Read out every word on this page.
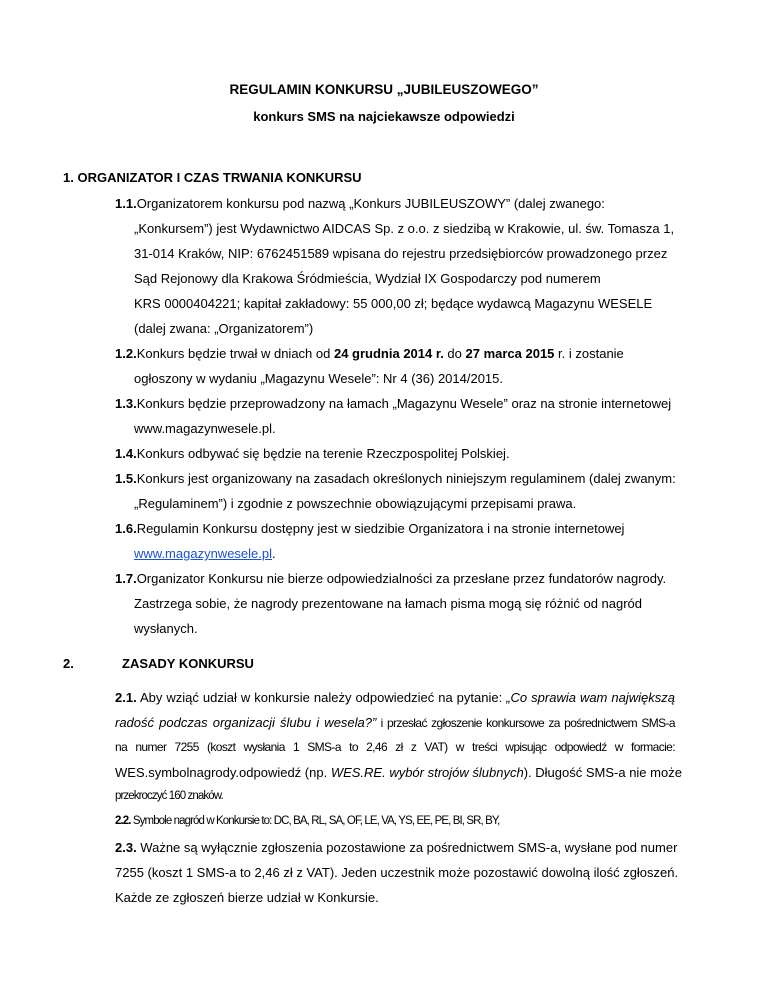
REGULAMIN KONKURSU „JUBILEUSZOWEGO”
konkurs SMS na najciekawsze odpowiedzi
1. ORGANIZATOR I CZAS TRWANIA KONKURSU
1.1.Organizatorem konkursu pod nazwą „Konkurs JUBILEUSZOWY” (dalej zwanego:
„Konkursem”) jest Wydawnictwo AIDCAS Sp. z o.o. z siedzibą w Krakowie, ul. św. Tomasza 1,
31-014 Kraków, NIP: 6762451589 wpisana do rejestru przedsiębiorców prowadzonego przez
Sąd Rejonowy dla Krakowa Śródmieścia, Wydział IX Gospodarczy pod numerem
KRS 0000404221; kapitał zakładowy: 55 000,00 zł; będące wydawcą Magazynu WESELE
(dalej zwana: „Organizatorem”)
1.2.Konkurs będzie trwał w dniach od 24 grudnia 2014 r. do 27 marca 2015 r. i zostanie
ogłoszony w wydaniu „Magazynu Wesele”: Nr 4 (36) 2014/2015.
1.3.Konkurs będzie przeprowadzony na łamach „Magazynu Wesele” oraz na stronie internetowej
www.magazynwesele.pl.
1.4.Konkurs odbywać się będzie na terenie Rzeczpospolitej Polskiej.
1.5.Konkurs jest organizowany na zasadach określonych niniejszym regulaminem (dalej zwanym:
„Regulaminem”) i zgodnie z powszechnie obowiązującymi przepisami prawa.
1.6.Regulamin Konkursu dostępny jest w siedzibie Organizatora i na stronie internetowej
www.magazynwesele.pl.
1.7.Organizator Konkursu nie bierze odpowiedzialności za przesłane przez fundatorów nagrody.
Zastrzega sobie, że nagrody prezentowane na łamach pisma mogą się różnić od nagród
wysłanych.
2.	ZASADY KONKURSU
2.1. Aby wziąć udział w konkursie należy odpowiedzieć na pytanie: „Co sprawia wam największą
radość podczas organizacji ślubu i wesela?” i przesłać zgłoszenie konkursowe za pośrednictwem SMS-a
na numer 7255 (koszt wysłania 1 SMS-a to 2,46 zł z VAT) w treści wpisując odpowiedź w formacie:
WES.symbolnagrody.odpowiedź (np. WES.RE. wybór strojów ślubnych). Długość SMS-a nie może
przekroczyć 160 znaków.
2.2. Symbole nagród w Konkursie to: DC, BA, RL, SA, OF, LE, VA, YS, EE, PE, BI, SR, BY,
2.3. Ważne są wyłącznie zgłoszenia pozostawione za pośrednictwem SMS-a, wysłane pod numer
7255 (koszt 1 SMS-a to 2,46 zł z VAT). Jeden uczestnik może pozostawić dowolną ilość zgłoszeń.
Każde ze zgłoszeń bierze udział w Konkursie.
